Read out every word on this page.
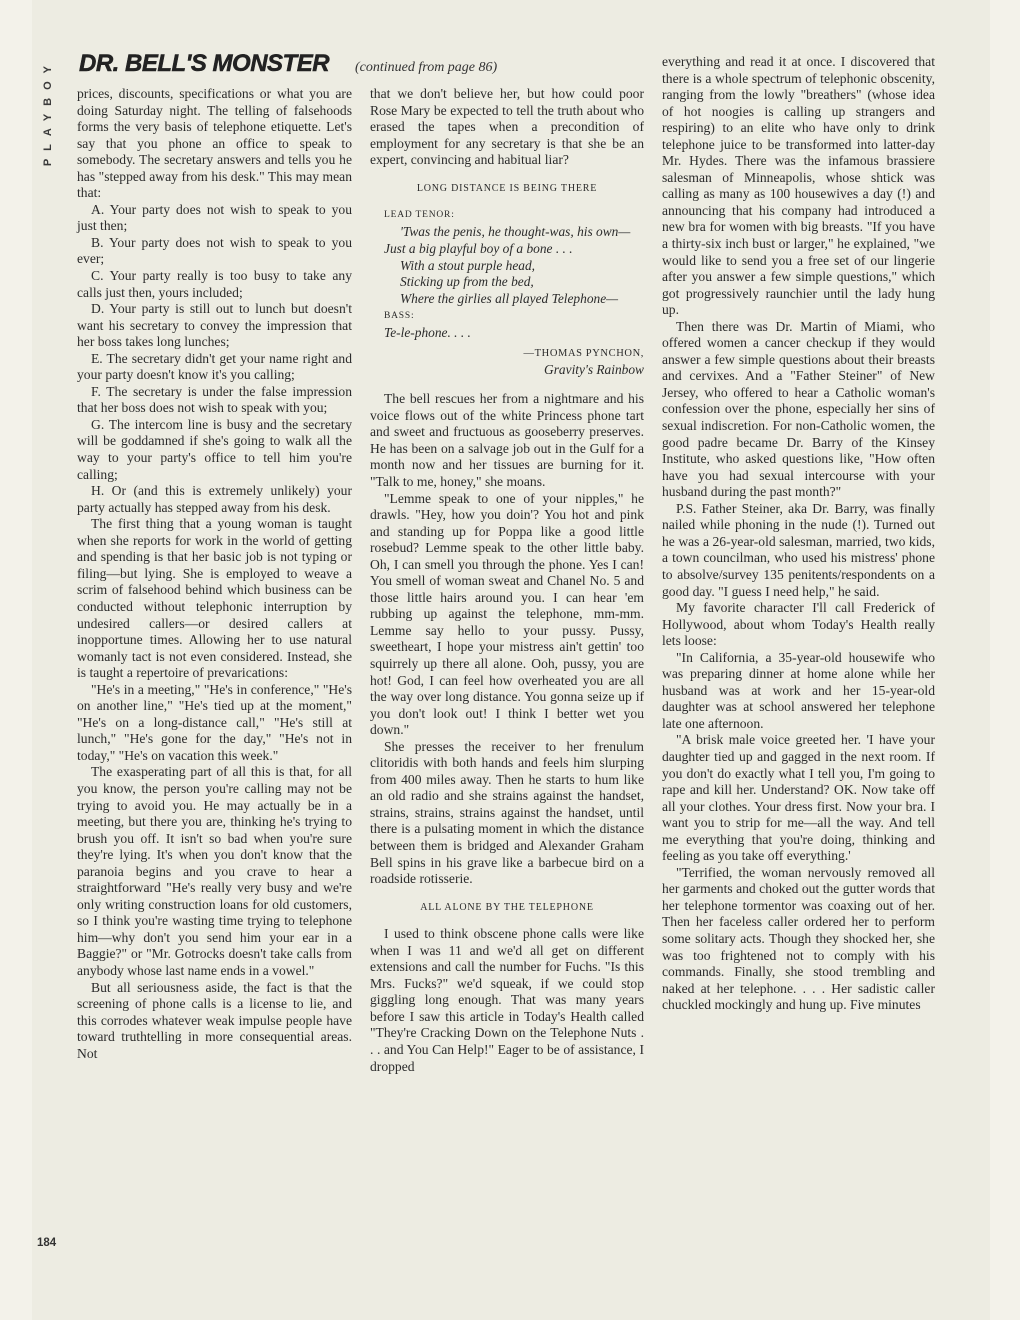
PLAYBOY	DR. BELL'S MONSTER (continued from page 86)

prices, discounts, specifications or what you are doing Saturday night. The telling of falsehoods forms the very basis of telephone etiquette. Let's say that you phone an office to speak to somebody. The secretary answers and tells you he has "stepped away from his desk." This may mean that:

A. Your party does not wish to speak to you just then;

B. Your party does not wish to speak to you ever;

C. Your party really is too busy to take any calls just then, yours included;

D. Your party is still out to lunch but doesn't want his secretary to convey the impression that her boss takes long lunches;

E. The secretary didn't get your name right and your party doesn't know it's you calling;

F. The secretary is under the false impression that her boss does not wish to speak with you;

G. The intercom line is busy and the secretary will be goddamned if she's going to walk all the way to your party's office to tell him you're calling;

H. Or (and this is extremely unlikely) your party actually has stepped away from his desk.

The first thing that a young woman is taught when she reports for work in the world of getting and spending is that her basic job is not typing or filing—but lying. She is employed to weave a scrim of falsehood behind which business can be conducted without telephonic interruption by undesired callers—or desired callers at inopportune times. Allowing her to use natural womanly tact is not even considered. Instead, she is taught a repertoire of prevarications:

"He's in a meeting," "He's in conference," "He's on another line," "He's tied up at the moment," "He's on a long-distance call," "He's still at lunch," "He's gone for the day," "He's not in today," "He's on vacation this week."

The exasperating part of all this is that, for all you know, the person you're calling may not be trying to avoid you. He may actually be in a meeting, but there you are, thinking he's trying to brush you off. It isn't so bad when you're sure they're lying. It's when you don't know that the paranoia begins and you crave to hear a straightforward "He's really very busy and we're only writing construction loans for old customers, so I think you're wasting time trying to telephone him—why don't you send him your ear in a Baggie?" or "Mr. Gotrocks doesn't take calls from anybody whose last name ends in a vowel."

But all seriousness aside, the fact is that the screening of phone calls is a license to lie, and this corrodes whatever weak impulse people have toward truthtelling in more consequential areas. Not

that we don't believe her, but how could poor Rose Mary be expected to tell the truth about who erased the tapes when a precondition of employment for any secretary is that she be an expert, convincing and habitual liar?

LONG DISTANCE IS BEING THERE

LEAD TENOR:

'Twas the penis, he thought-was, his own—

Just a big playful boy of a bone . . .

With a stout purple head,

Sticking up from the bed,

Where the girlies all played Telephone—

BASS:

Te-le-phone. . . .

—THOMAS PYNCHON,
Gravity's Rainbow

The bell rescues her from a nightmare and his voice flows out of the white Princess phone tart and sweet and fructuous as gooseberry preserves. He has been on a salvage job out in the Gulf for a month now and her tissues are burning for it. "Talk to me, honey," she moans.

"Lemme speak to one of your nipples," he drawls. "Hey, how you doin'? You hot and pink and standing up for Poppa like a good little rosebud? Lemme speak to the other little baby. Oh, I can smell you through the phone. Yes I can! You smell of woman sweat and Chanel No. 5 and those little hairs around you. I can hear 'em rubbing up against the telephone, mm-mm. Lemme say hello to your pussy. Pussy, sweetheart, I hope your mistress ain't gettin' too squirrely up there all alone. Ooh, pussy, you are hot! God, I can feel how overheated you are all the way over long distance. You gonna seize up if you don't look out! I think I better wet you down."

She presses the receiver to her frenulum clitoridis with both hands and feels him slurping from 400 miles away. Then he starts to hum like an old radio and she strains against the handset, strains, strains, strains against the handset, until there is a pulsating moment in which the distance between them is bridged and Alexander Graham Bell spins in his grave like a barbecue bird on a roadside rotisserie.

ALL ALONE BY THE TELEPHONE

I used to think obscene phone calls were like when I was 11 and we'd all get on different extensions and call the number for Fuchs. "Is this Mrs. Fucks?" we'd squeak, if we could stop giggling long enough. That was many years before I saw this article in Today's Health called "They're Cracking Down on the Telephone Nuts . . . and You Can Help!" Eager to be of assistance, I dropped

everything and read it at once. I discovered that there is a whole spectrum of telephonic obscenity, ranging from the lowly "breathers" (whose idea of hot noogies is calling up strangers and respiring) to an elite who have only to drink telephone juice to be transformed into latter-day Mr. Hydes. There was the infamous brassiere salesman of Minneapolis, whose shtick was calling as many as 100 housewives a day (!) and announcing that his company had introduced a new bra for women with big breasts. "If you have a thirty-six inch bust or larger," he explained, "we would like to send you a free set of our lingerie after you answer a few simple questions," which got progressively raunchier until the lady hung up.

Then there was Dr. Martin of Miami, who offered women a cancer checkup if they would answer a few simple questions about their breasts and cervixes. And a "Father Steiner" of New Jersey, who offered to hear a Catholic woman's confession over the phone, especially her sins of sexual indiscretion. For non-Catholic women, the good padre became Dr. Barry of the Kinsey Institute, who asked questions like, "How often have you had sexual intercourse with your husband during the past month?"

P.S. Father Steiner, aka Dr. Barry, was finally nailed while phoning in the nude (!). Turned out he was a 26-year-old salesman, married, two kids, a town councilman, who used his mistress' phone to absolve/survey 135 penitents/respondents on a good day. "I guess I need help," he said.

My favorite character I'll call Frederick of Hollywood, about whom Today's Health really lets loose:

"In California, a 35-year-old housewife who was preparing dinner at home alone while her husband was at work and her 15-year-old daughter was at school answered her telephone late one afternoon.

"A brisk male voice greeted her. 'I have your daughter tied up and gagged in the next room. If you don't do exactly what I tell you, I'm going to rape and kill her. Understand? OK. Now take off all your clothes. Your dress first. Now your bra. I want you to strip for me—all the way. And tell me everything that you're doing, thinking and feeling as you take off everything.'

"Terrified, the woman nervously removed all her garments and choked out the gutter words that her telephone tormentor was coaxing out of her. Then her faceless caller ordered her to perform some solitary acts. Though they shocked her, she was too frightened not to comply with his commands. Finally, she stood trembling and naked at her telephone. . . . Her sadistic caller chuckled mockingly and hung up. Five minutes

184
